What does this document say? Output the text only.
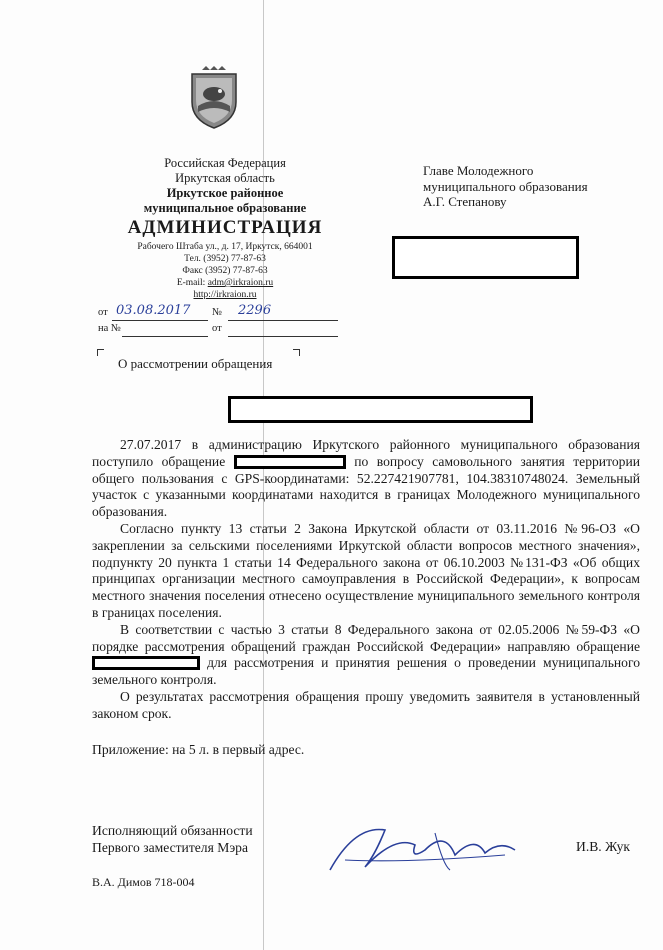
Российская Федерация
Иркутская область
Иркутское районное
муниципальное образование
АДМИНИСТРАЦИЯ
Рабочего Штаба ул., д. 17, Иркутск, 664001
Тел. (3952) 77-87-63
Факс (3952) 77-87-63
E-mail: adm@irkraion.ru
http://irkraion.ru
от 03.08.2017 № 2296
на №	от
Главе Молодежного
муниципального образования
А.Г. Степанову
О рассмотрении обращения

27.07.2017 в администрацию Иркутского районного муниципального образования поступило обращение	по вопросу самовольного занятия территории общего пользования с GPS-координатами: 52.227421907781, 104.38310748024. Земельный участок с указанными координатами находится в границах Молодежного муниципального образования.

Согласно пункту 13 статьи 2 Закона Иркутской области от 03.11.2016 №96-ОЗ «О закреплении за сельскими поселениями Иркутской области вопросов местного значения», подпункту 20 пункта 1 статьи 14 Федерального закона от 06.10.2003 №131-ФЗ «Об общих принципах организации местного самоуправления в Российской Федерации», к вопросам местного значения поселения отнесено осуществление муниципального земельного контроля в границах поселения.

В соответствии с частью 3 статьи 8 Федерального закона от 02.05.2006 №59-ФЗ «О порядке рассмотрения обращений граждан Российской Федерации» направляю обращение  для рассмотрения и принятия решения о проведении муниципального земельного контроля.

О результатах рассмотрения обращения прошу уведомить заявителя в установленный законом срок.

Приложение: на 5 л. в первый адрес.

Исполняющий обязанности
Первого заместителя Мэра	И.В. Жук
В.А. Димов 718-004
